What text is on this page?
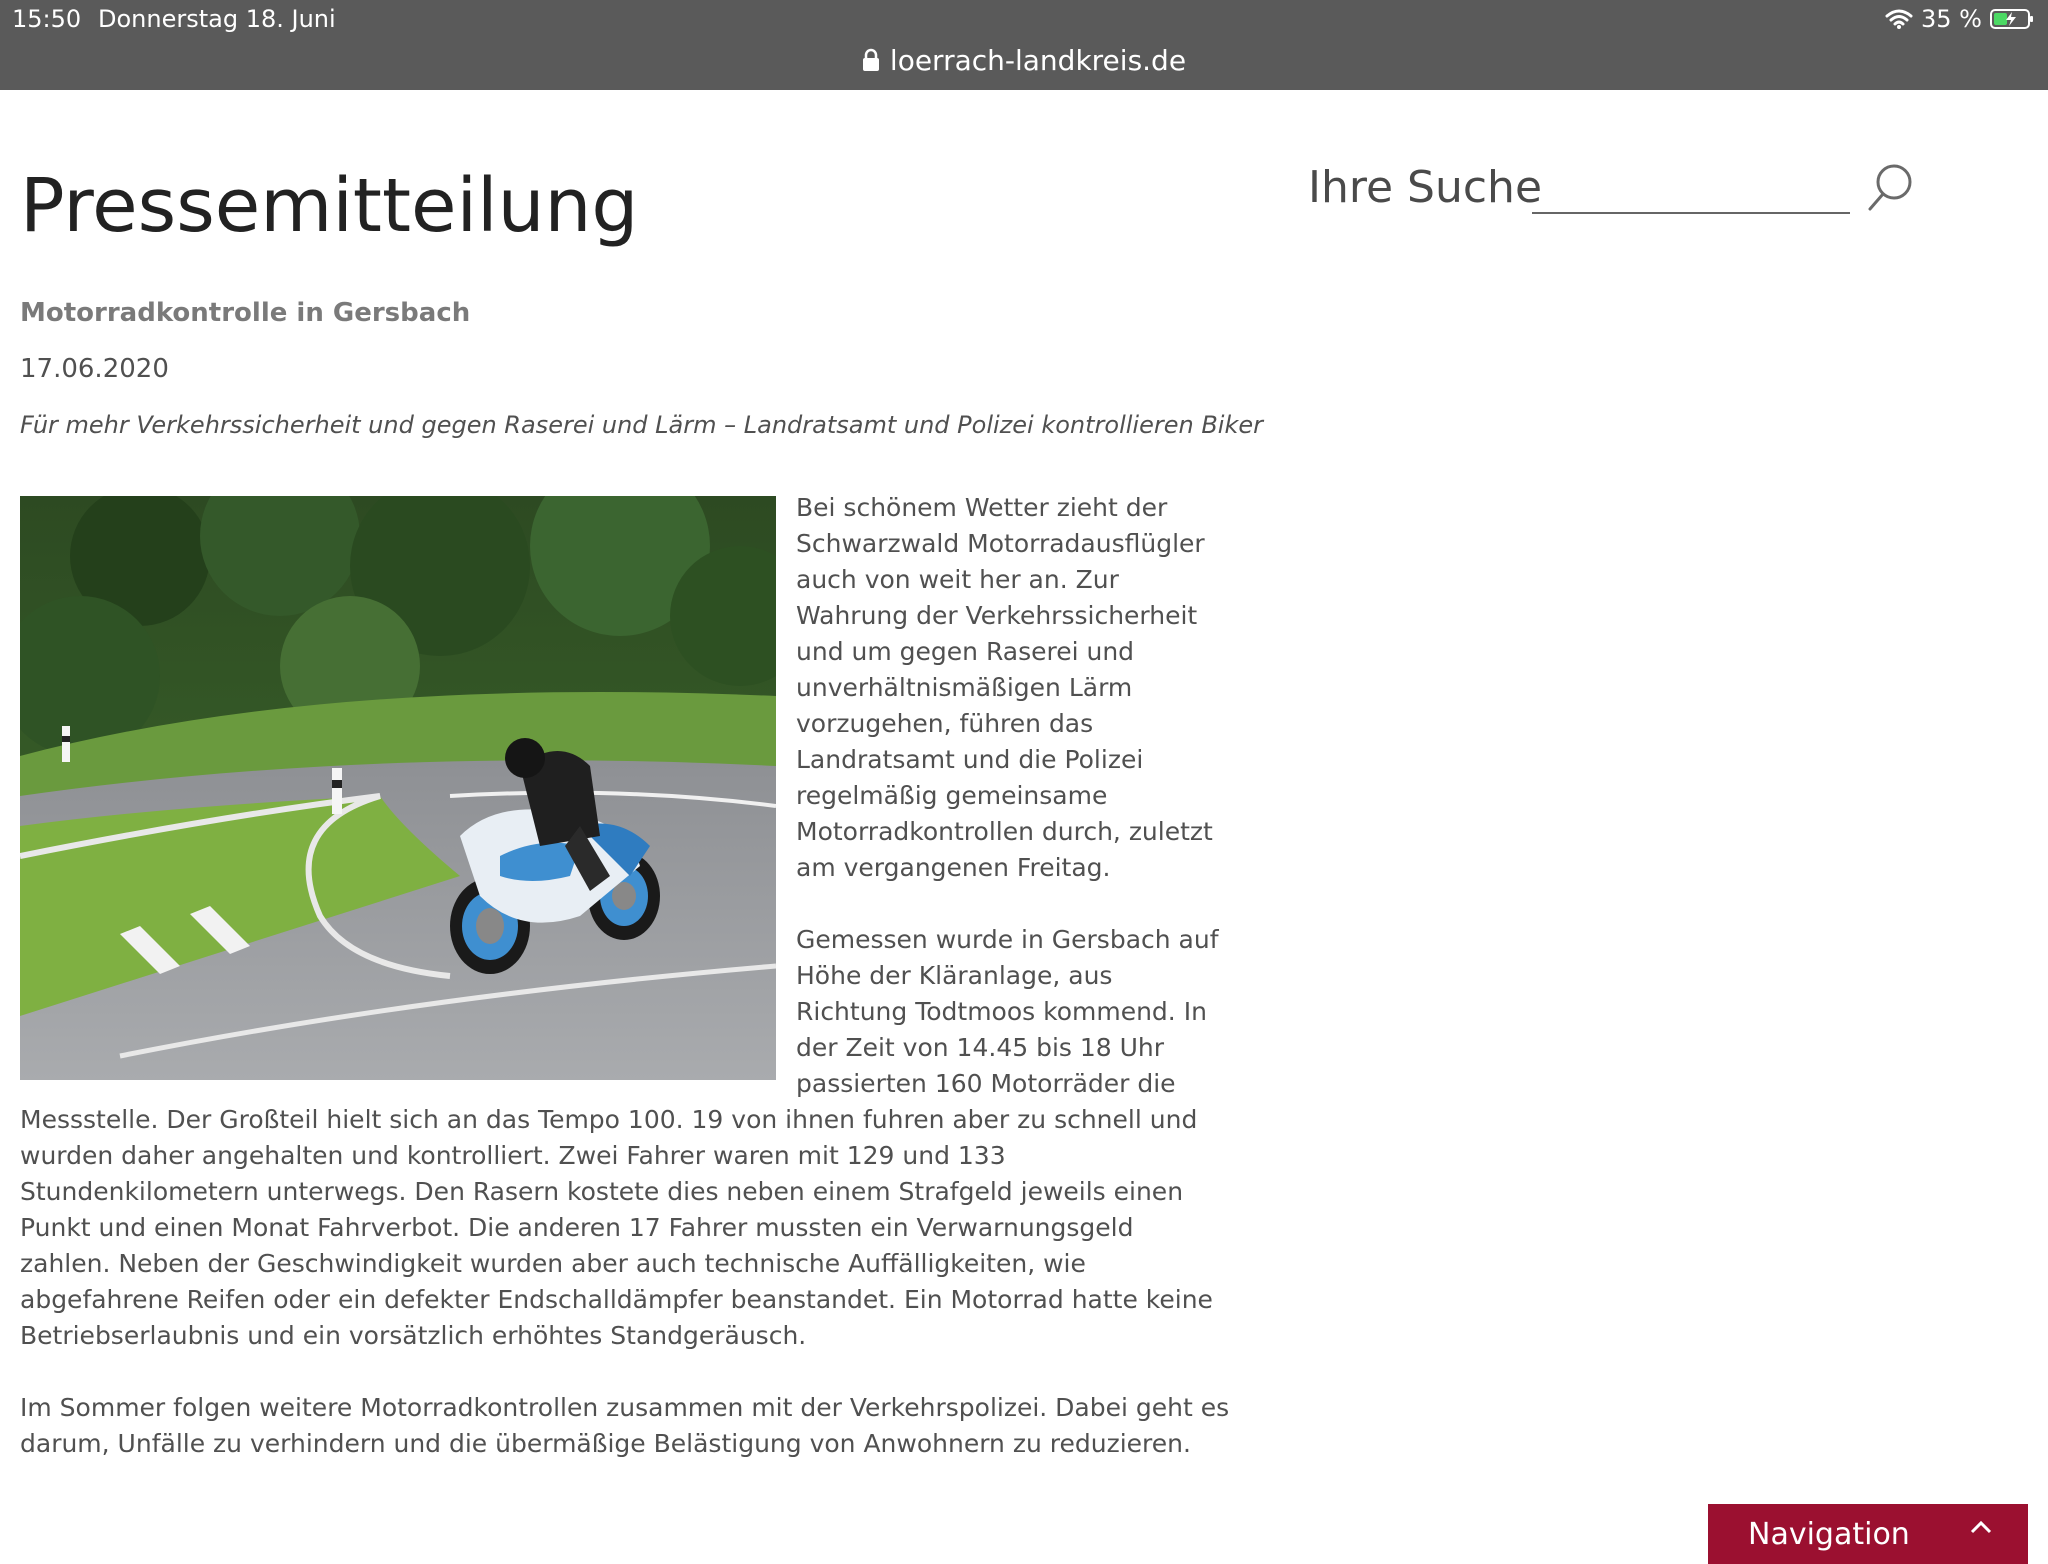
15:50 Donnerstag 18. Juni	35 %
loerrach-landkreis.de
Pressemitteilung	Ihre Suche
Motorradkontrolle in Gersbach
17.06.2020
Für mehr Verkehrssicherheit und gegen Raserei und Lärm – Landratsamt und Polizei kontrollieren Biker

Bei schönem Wetter zieht der Schwarzwald Motorradausflügler auch von weit her an. Zur Wahrung der Verkehrssicherheit und um gegen Raserei und unverhältnismäßigen Lärm vorzugehen, führen das Landratsamt und die Polizei regelmäßig gemeinsame Motorradkontrollen durch, zuletzt am vergangenen Freitag.

Gemessen wurde in Gersbach auf Höhe der Kläranlage, aus Richtung Todtmoos kommend. In der Zeit von 14.45 bis 18 Uhr passierten 160 Motorräder die Messstelle. Der Großteil hielt sich an das Tempo 100. 19 von ihnen fuhren aber zu schnell und wurden daher angehalten und kontrolliert. Zwei Fahrer waren mit 129 und 133 Stundenkilometern unterwegs. Den Rasern kostete dies neben einem Strafgeld jeweils einen Punkt und einen Monat Fahrverbot. Die anderen 17 Fahrer mussten ein Verwarnungsgeld zahlen. Neben der Geschwindigkeit wurden aber auch technische Auffälligkeiten, wie abgefahrene Reifen oder ein defekter Endschalldämpfer beanstandet. Ein Motorrad hatte keine Betriebserlaubnis und ein vorsätzlich erhöhtes Standgeräusch.

Im Sommer folgen weitere Motorradkontrollen zusammen mit der Verkehrspolizei. Dabei geht es darum, Unfälle zu verhindern und die übermäßige Belästigung von Anwohnern zu reduzieren.

Navigation
